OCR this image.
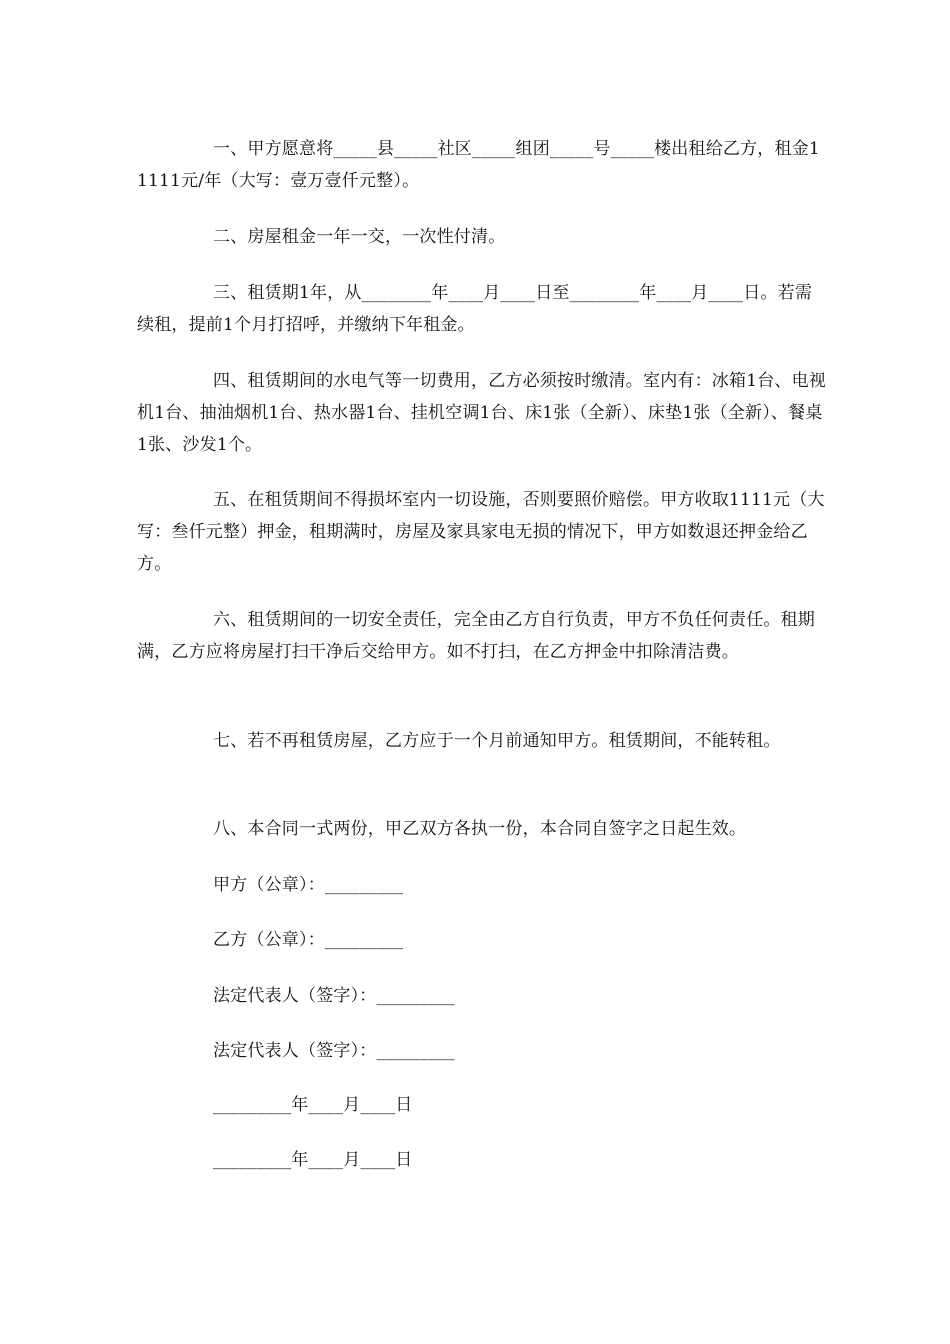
一、甲方愿意将_____县_____社区_____组团_____号_____楼出租给乙方，租金11111元/年（大写：壹万壹仟元整）。

二、房屋租金一年一交，一次性付清。

三、租赁期1年，从________年____月____日至________年____月____日。若需续租，提前1个月打招呼，并缴纳下年租金。

四、租赁期间的水电气等一切费用，乙方必须按时缴清。室内有：冰箱1台、电视机1台、抽油烟机1台、热水器1台、挂机空调1台、床1张（全新）、床垫1张（全新）、餐桌1张、沙发1个。

五、在租赁期间不得损坏室内一切设施，否则要照价赔偿。甲方收取1111元（大写：叁仟元整）押金，租期满时，房屋及家具家电无损的情况下，甲方如数退还押金给乙方。

六、租赁期间的一切安全责任，完全由乙方自行负责，甲方不负任何责任。租期满，乙方应将房屋打扫干净后交给甲方。如不打扫，在乙方押金中扣除清洁费。

七、若不再租赁房屋，乙方应于一个月前通知甲方。租赁期间，不能转租。

八、本合同一式两份，甲乙双方各执一份，本合同自签字之日起生效。

甲方（公章）：_________

乙方（公章）：_________

法定代表人（签字）：_________

法定代表人（签字）：_________

_________年____月____日

_________年____月____日
